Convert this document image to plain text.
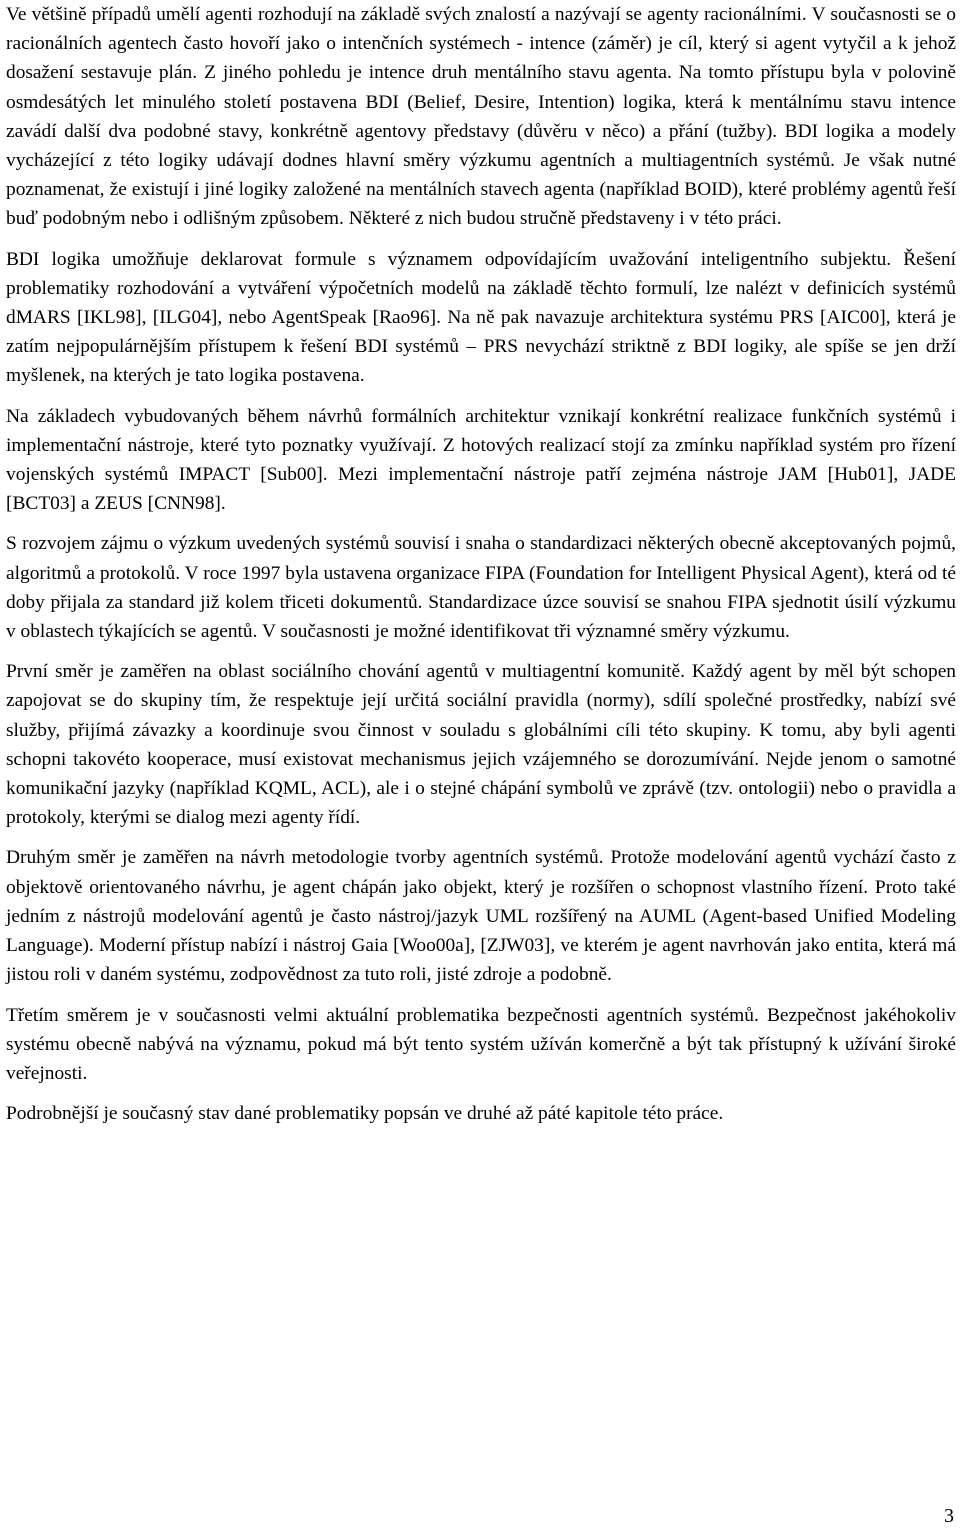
Ve většině případů umělí agenti rozhodují na základě svých znalostí a nazývají se agenty racionálními. V současnosti se o racionálních agentech často hovoří jako o intenčních systémech - intence (záměr) je cíl, který si agent vytyčil a k jehož dosažení sestavuje plán. Z jiného pohledu je intence druh mentálního stavu agenta. Na tomto přístupu byla v polovině osmdesátých let minulého století postavena BDI (Belief, Desire, Intention) logika, která k mentálnímu stavu intence zavádí další dva podobné stavy, konkrétně agentovy představy (důvěru v něco) a přání (tužby). BDI logika a modely vycházející z této logiky udávají dodnes hlavní směry výzkumu agentních a multiagentních systémů. Je však nutné poznamenat, že existují i jiné logiky založené na mentálních stavech agenta (například BOID), které problémy agentů řeší buď podobným nebo i odlišným způsobem. Některé z nich budou stručně představeny i v této práci.

BDI logika umožňuje deklarovat formule s významem odpovídajícím uvažování inteligentního subjektu. Řešení problematiky rozhodování a vytváření výpočetních modelů na základě těchto formulí, lze nalézt v definicích systémů dMARS [IKL98], [ILG04], nebo AgentSpeak [Rao96]. Na ně pak navazuje architektura systému PRS [AIC00], která je zatím nejpopulárnějším přístupem k řešení BDI systémů – PRS nevychází striktně z BDI logiky, ale spíše se jen drží myšlenek, na kterých je tato logika postavena.

Na základech vybudovaných během návrhů formálních architektur vznikají konkrétní realizace funkčních systémů i implementační nástroje, které tyto poznatky využívají. Z hotových realizací stojí za zmínku například systém pro řízení vojenských systémů IMPACT [Sub00]. Mezi implementační nástroje patří zejména nástroje JAM [Hub01], JADE [BCT03] a ZEUS [CNN98].

S rozvojem zájmu o výzkum uvedených systémů souvisí i snaha o standardizaci některých obecně akceptovaných pojmů, algoritmů a protokolů. V roce 1997 byla ustavena organizace FIPA (Foundation for Intelligent Physical Agent), která od té doby přijala za standard již kolem třiceti dokumentů. Standardizace úzce souvisí se snahou FIPA sjednotit úsilí výzkumu v oblastech týkajících se agentů. V současnosti je možné identifikovat tři významné směry výzkumu.

První směr je zaměřen na oblast sociálního chování agentů v multiagentní komunitě. Každý agent by měl být schopen zapojovat se do skupiny tím, že respektuje její určitá sociální pravidla (normy), sdílí společné prostředky, nabízí své služby, přijímá závazky a koordinuje svou činnost v souladu s globálními cíli této skupiny. K tomu, aby byli agenti schopni takovéto kooperace, musí existovat mechanismus jejich vzájemného se dorozumívání. Nejde jenom o samotné komunikační jazyky (například KQML, ACL), ale i o stejné chápání symbolů ve zprávě (tzv. ontologii) nebo o pravidla a protokoly, kterými se dialog mezi agenty řídí.

Druhým směr je zaměřen na návrh metodologie tvorby agentních systémů. Protože modelování agentů vychází často z objektově orientovaného návrhu, je agent chápán jako objekt, který je rozšířen o schopnost vlastního řízení. Proto také jedním z nástrojů modelování agentů je často nástroj/jazyk UML rozšířený na AUML (Agent-based Unified Modeling Language). Moderní přístup nabízí i nástroj Gaia [Woo00a], [ZJW03], ve kterém je agent navrhován jako entita, která má jistou roli v daném systému, zodpovědnost za tuto roli, jisté zdroje a podobně.

Třetím směrem je v současnosti velmi aktuální problematika bezpečnosti agentních systémů. Bezpečnost jakéhokoliv systému obecně nabývá na významu, pokud má být tento systém užíván komerčně a být tak přístupný k užívání široké veřejnosti.

Podrobnější je současný stav dané problematiky popsán ve druhé až páté kapitole této práce.

3
